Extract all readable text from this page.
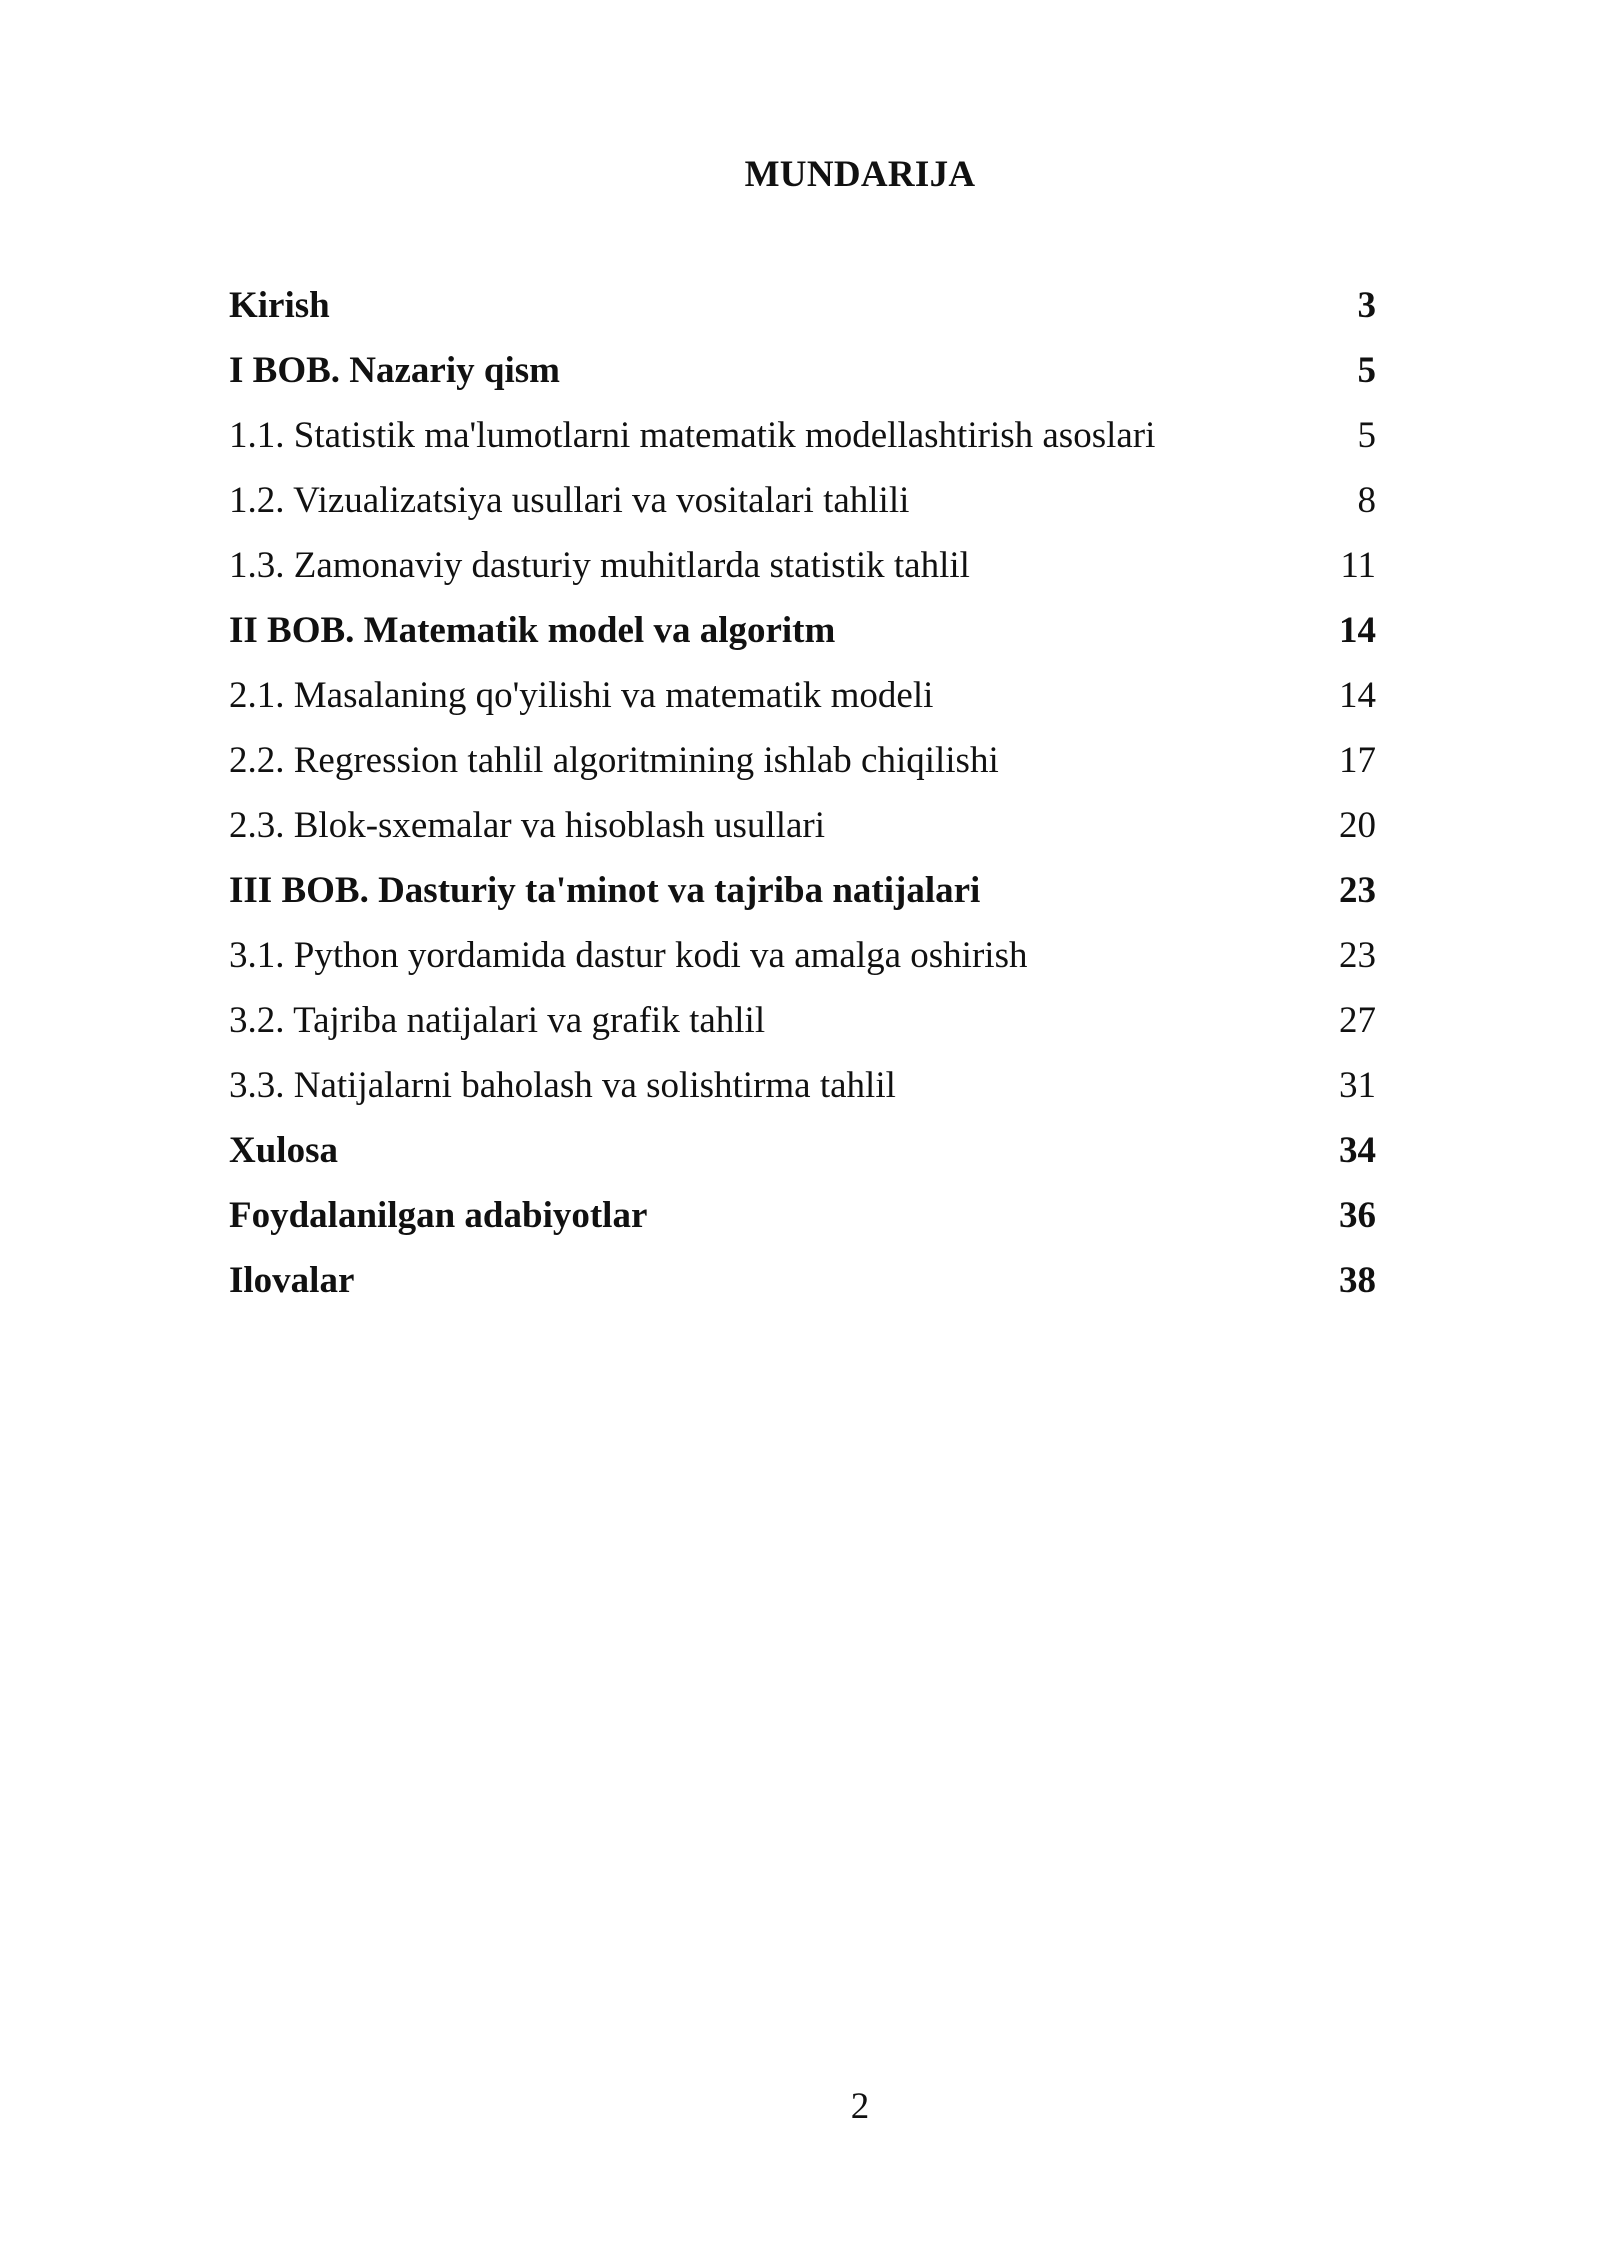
MUNDARIJA
Kirish	3
I BOB. Nazariy qism	5
1.1. Statistik ma'lumotlarni matematik modellashtirish asoslari	5
1.2. Vizualizatsiya usullari va vositalari tahlili	8
1.3. Zamonaviy dasturiy muhitlarda statistik tahlil	11
II BOB. Matematik model va algoritm	14
2.1. Masalaning qo'yilishi va matematik modeli	14
2.2. Regression tahlil algoritmining ishlab chiqilishi	17
2.3. Blok-sxemalar va hisoblash usullari	20
III BOB. Dasturiy ta'minot va tajriba natijalari	23
3.1. Python yordamida dastur kodi va amalga oshirish	23
3.2. Tajriba natijalari va grafik tahlil	27
3.3. Natijalarni baholash va solishtirma tahlil	31
Xulosa	34
Foydalanilgan adabiyotlar	36
Ilovalar	38
2
